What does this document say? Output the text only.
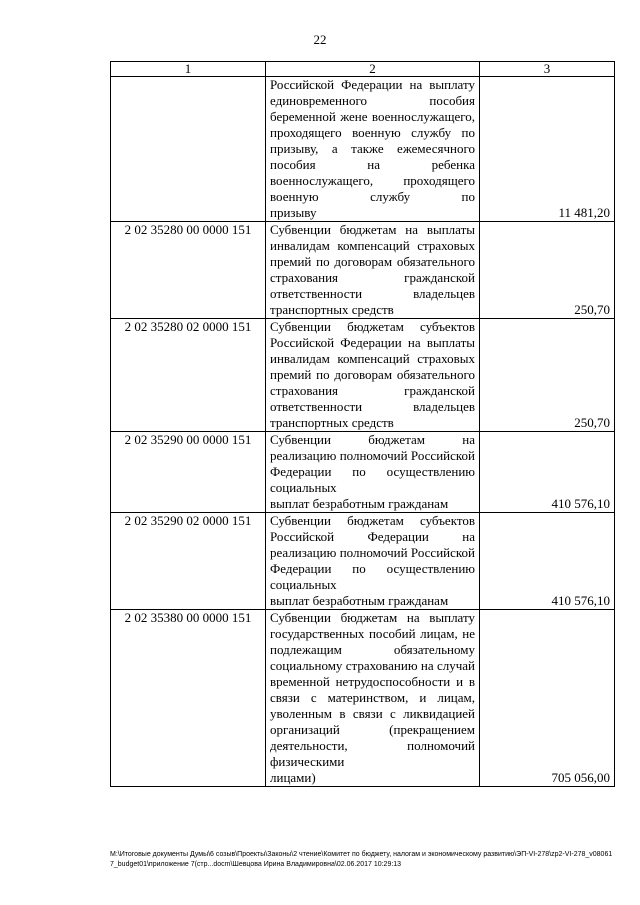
22
1	2	3
	Российской Федерации на выплату единовременного пособия беременной жене военнослужащего, проходящего военную службу по призыву, а также ежемесячного пособия на ребенка военнослужащего, проходящего военную службу по
призыву	11 481,20
2 02 35280 00 0000 151	Субвенции бюджетам на выплаты инвалидам компенсаций страховых премий по договорам обязательного страхования гражданской ответственности владельцев
транспортных средств	250,70
2 02 35280 02 0000 151	Субвенции бюджетам субъектов Российской Федерации на выплаты инвалидам компенсаций страховых премий по договорам обязательного страхования гражданской ответственности владельцев
транспортных средств	250,70
2 02 35290 00 0000 151	Субвенции бюджетам на реализацию полномочий Российской Федерации по осуществлению социальных
выплат безработным гражданам	410 576,10
2 02 35290 02 0000 151	Субвенции бюджетам субъектов Российской Федерации на реализацию полномочий Российской Федерации по осуществлению социальных
выплат безработным гражданам	410 576,10
2 02 35380 00 0000 151	Субвенции бюджетам на выплату государственных пособий лицам, не подлежащим обязательному социальному страхованию на случай временной нетрудоспособности и в связи с материнством, и лицам, уволенным в связи с ликвидацией организаций (прекращением деятельности, полномочий физическими
лицами)	705 056,00
М:\Итоговые документы Думы\6 созыв\Проекты\Законы\2 чтение\Комитет по бюджету, налогам и экономическому развитию\ЭП-VI-278\zp2-VI-278_v080617_budget01\приложение 7(стр...docm\Шевцова Ирина Владимировна\02.06.2017 10:29:13
